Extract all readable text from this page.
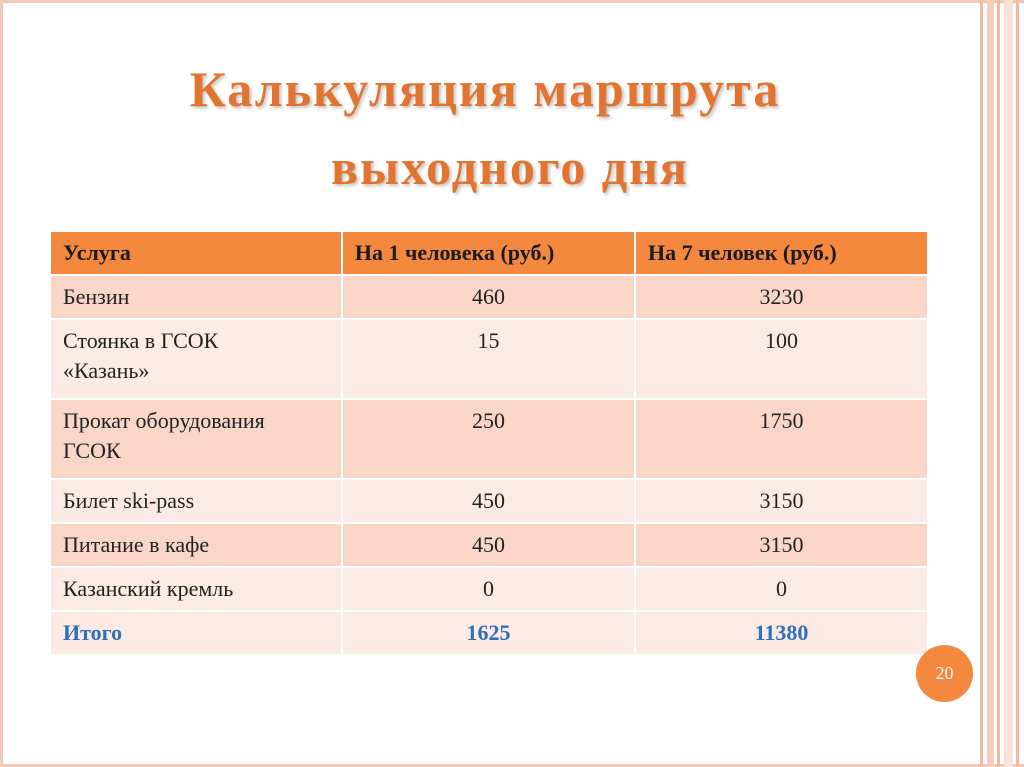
Калькуляция маршрута
выходного дня
Услуга	На 1 человека (руб.)	На 7 человек (руб.)
Бензин	460	3230

Стоянка в ГСОК «Казань»	15	100

Прокат оборудования ГСОК	250	1750
Билет ski-pass	450	3150
Питание в кафе	450	3150
Казанский кремль	0	0
Итого	1625	11380
20
